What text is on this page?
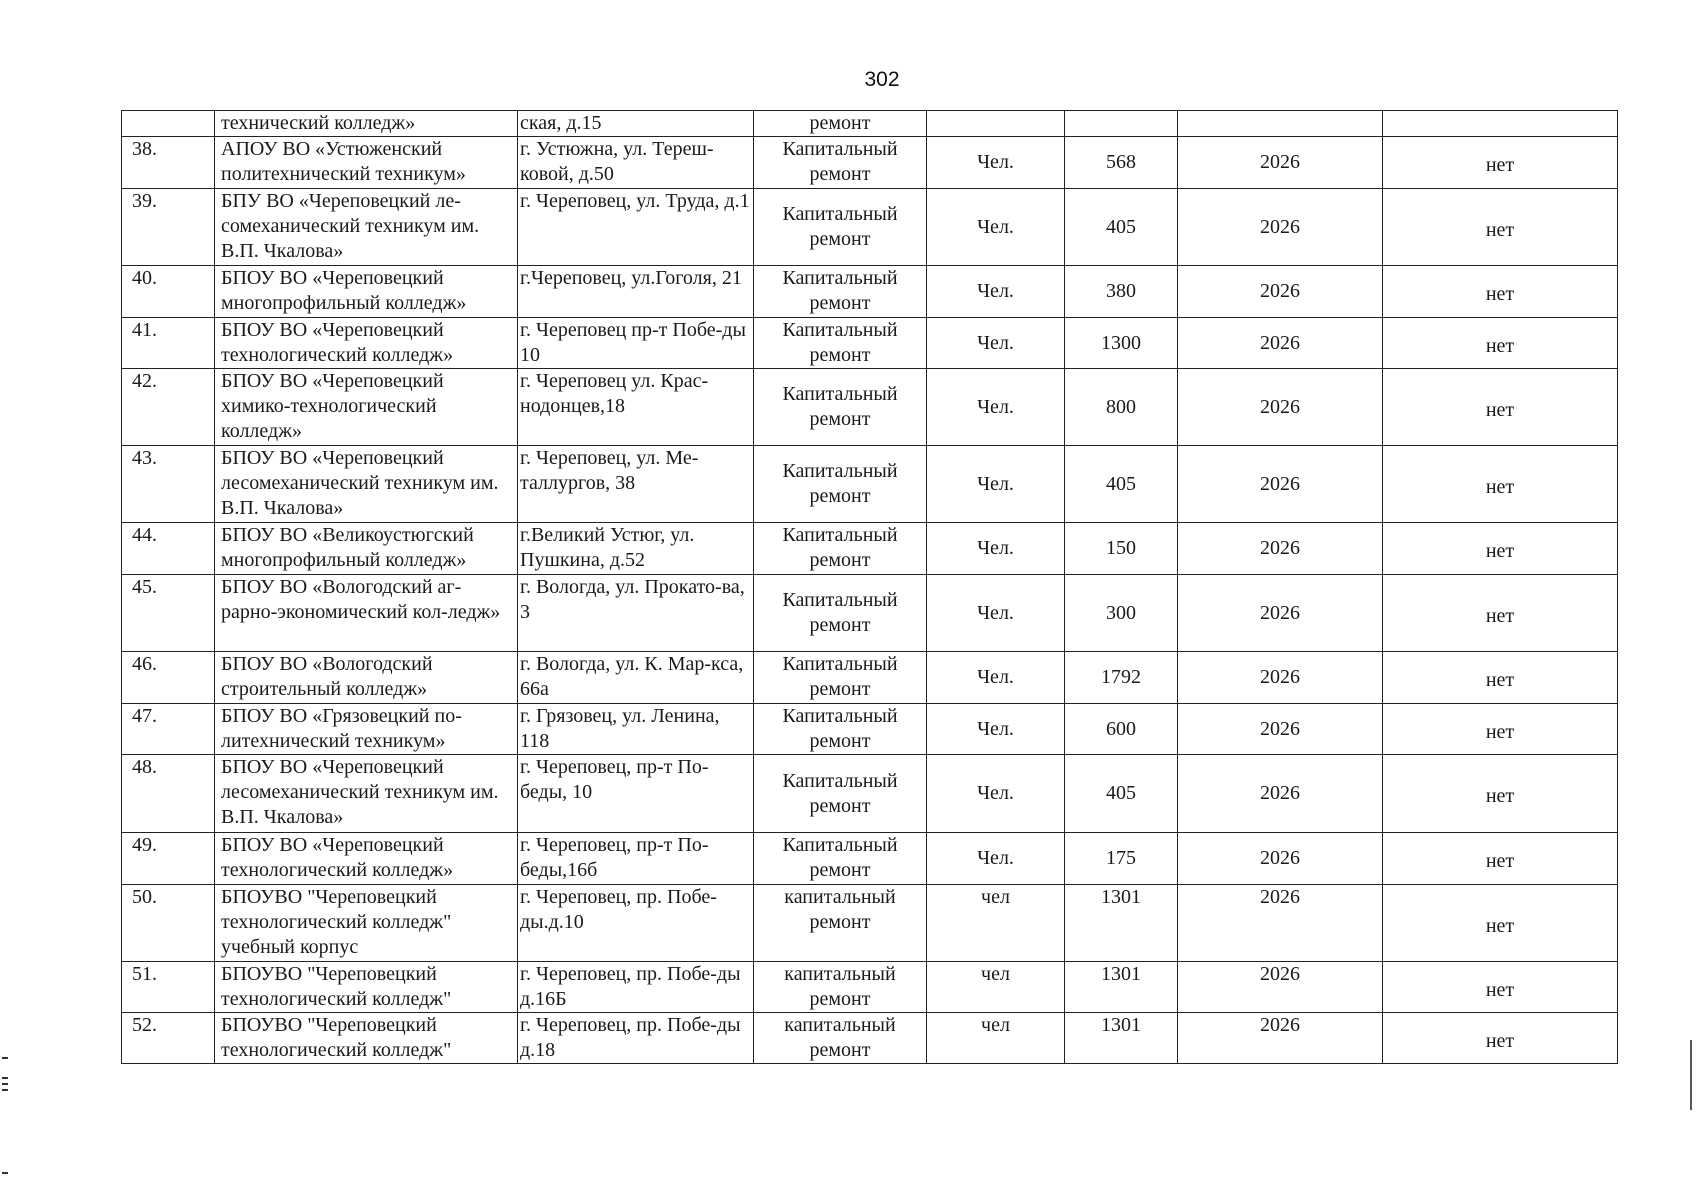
302
	технический колледж»	ская, д.15	ремонт				
38.	АПОУ ВО «Устюженский политехнический техникум»	г. Устюжна, ул. Тереш-ковой, д.50	Капитальный ремонт	Чел.	568	2026	нет
39.	БПУ ВО «Череповецкий ле-сомеханический техникум им. В.П. Чкалова»	г. Череповец, ул. Труда, д.1	Капитальный ремонт	Чел.	405	2026	нет
40.	БПОУ ВО «Череповецкий многопрофильный колледж»	г.Череповец, ул.Гоголя, 21	Капитальный ремонт	Чел.	380	2026	нет
41.	БПОУ ВО «Череповецкий технологический колледж»	г. Череповец пр-т Побе-ды 10	Капитальный ремонт	Чел.	1300	2026	нет
42.	БПОУ ВО «Череповецкий химико-технологический колледж»	г. Череповец ул. Крас-нодонцев,18	Капитальный ремонт	Чел.	800	2026	нет
43.	БПОУ ВО «Череповецкий лесомеханический техникум им. В.П. Чкалова»	г. Череповец, ул. Ме-таллургов, 38	Капитальный ремонт	Чел.	405	2026	нет
44.	БПОУ ВО «Великоустюгский многопрофильный колледж»	г.Великий Устюг, ул. Пушкина, д.52	Капитальный ремонт	Чел.	150	2026	нет
45.	БПОУ ВО «Вологодский аг-рарно-экономический кол-ледж»	г. Вологда, ул. Прокато-ва, 3	Капитальный ремонт	Чел.	300	2026	нет
46.	БПОУ ВО «Вологодский строительный колледж»	г. Вологда, ул. К. Мар-кса, 66а	Капитальный ремонт	Чел.	1792	2026	нет
47.	БПОУ ВО «Грязовецкий по-литехнический техникум»	г. Грязовец, ул. Ленина, 118	Капитальный ремонт	Чел.	600	2026	нет
48.	БПОУ ВО «Череповецкий лесомеханический техникум им. В.П. Чкалова»	г. Череповец, пр-т По-беды, 10	Капитальный ремонт	Чел.	405	2026	нет
49.	БПОУ ВО «Череповецкий технологический колледж»	г. Череповец, пр-т По-беды,16б	Капитальный ремонт	Чел.	175	2026	нет
50.	БПОУВО "Череповецкий технологический колледж" учебный корпус	г. Череповец, пр. Побе-ды.д.10	капитальный ремонт	чел	1301	2026	нет
51.	БПОУВО "Череповецкий технологический колледж"	г. Череповец, пр. Побе-ды д.16Б	капитальный ремонт	чел	1301	2026	нет
52.	БПОУВО "Череповецкий технологический колледж"	г. Череповец, пр. Побе-ды д.18	капитальный ремонт	чел	1301	2026	нет
